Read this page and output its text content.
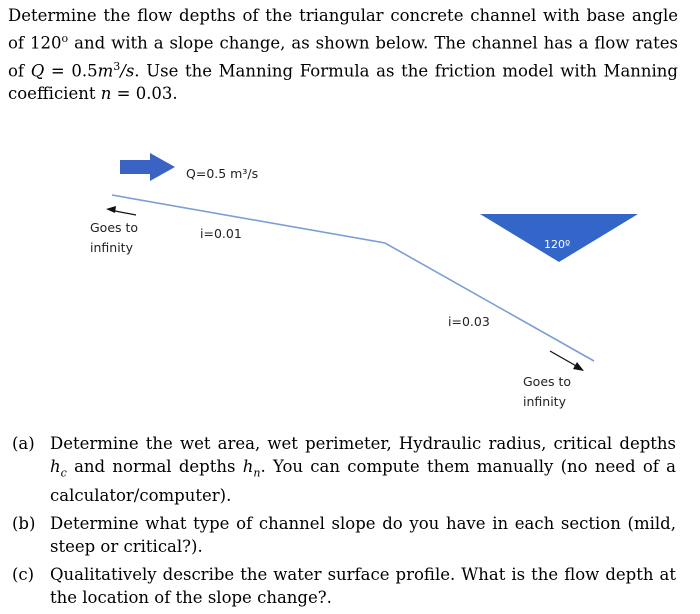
Determine the flow depths of the triangular concrete channel with base angle of 120$^o$ and with a slope change, as shown below. The channel has a flow rates of $Q = 0.5m^3/s$. Use the Manning Formula as the friction model with Manning coefficient n = 0.03.
Q=0.5 m³/s
Goes to
infinity
i=0.01
i=0.03
120º
Goes to
infinity
(a) Determine the wet area, wet perimeter, Hydraulic radius, critical depths $h_c$ and normal depths $h_n$. You can compute them manually (no need of a calculator/computer).
(b) Determine what type of channel slope do you have in each section (mild, steep or critical?).
(c) Qualitatively describe the water surface profile. What is the flow depth at the location of the slope change?.
